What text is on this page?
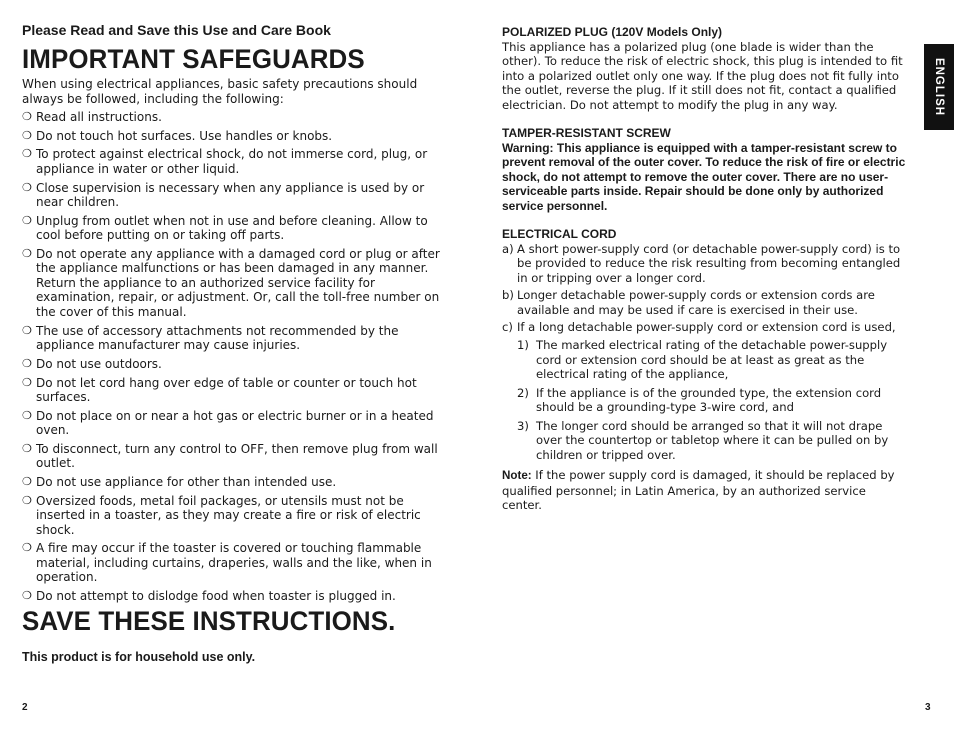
Please Read and Save this Use and Care Book
IMPORTANT SAFEGUARDS
When using electrical appliances, basic safety precautions should always be followed, including the following:
❍ Read all instructions.
❍ Do not touch hot surfaces. Use handles or knobs.
❍ To protect against electrical shock, do not immerse cord, plug, or appliance in water or other liquid.
❍ Close supervision is necessary when any appliance is used by or near children.
❍ Unplug from outlet when not in use and before cleaning. Allow to cool before putting on or taking off parts.
❍ Do not operate any appliance with a damaged cord or plug or after the appliance malfunctions or has been damaged in any manner. Return the appliance to an authorized service facility for examination, repair, or adjustment. Or, call the toll-free number on the cover of this manual.
❍ The use of accessory attachments not recommended by the appliance manufacturer may cause injuries.
❍ Do not use outdoors.
❍ Do not let cord hang over edge of table or counter or touch hot surfaces.
❍ Do not place on or near a hot gas or electric burner or in a heated oven.
❍ To disconnect, turn any control to OFF, then remove plug from wall outlet.
❍ Do not use appliance for other than intended use.
❍ Oversized foods, metal foil packages, or utensils must not be inserted in a toaster, as they may create a fire or risk of electric shock.
❍ A fire may occur if the toaster is covered or touching flammable material, including curtains, draperies, walls and the like, when in operation.
❍ Do not attempt to dislodge food when toaster is plugged in.
SAVE THESE INSTRUCTIONS.
This product is for household use only.
2
POLARIZED PLUG (120V Models Only)
This appliance has a polarized plug (one blade is wider than the other). To reduce the risk of electric shock, this plug is intended to fit into a polarized outlet only one way. If the plug does not fit fully into the outlet, reverse the plug. If it still does not fit, contact a qualified electrician. Do not attempt to modify the plug in any way.
TAMPER-RESISTANT SCREW
Warning: This appliance is equipped with a tamper-resistant screw to prevent removal of the outer cover. To reduce the risk of fire or electric shock, do not attempt to remove the outer cover. There are no user-serviceable parts inside. Repair should be done only by authorized service personnel.
ELECTRICAL CORD
a) A short power-supply cord (or detachable power-supply cord) is to be provided to reduce the risk resulting from becoming entangled in or tripping over a longer cord.
b) Longer detachable power-supply cords or extension cords are available and may be used if care is exercised in their use.
c) If a long detachable power-supply cord or extension cord is used,
1) The marked electrical rating of the detachable power-supply cord or extension cord should be at least as great as the electrical rating of the appliance,
2) If the appliance is of the grounded type, the extension cord should be a grounding-type 3-wire cord, and
3) The longer cord should be arranged so that it will not drape over the countertop or tabletop where it can be pulled on by children or tripped over.
Note: If the power supply cord is damaged, it should be replaced by qualified personnel; in Latin America, by an authorized service center.
3
ENGLISH
